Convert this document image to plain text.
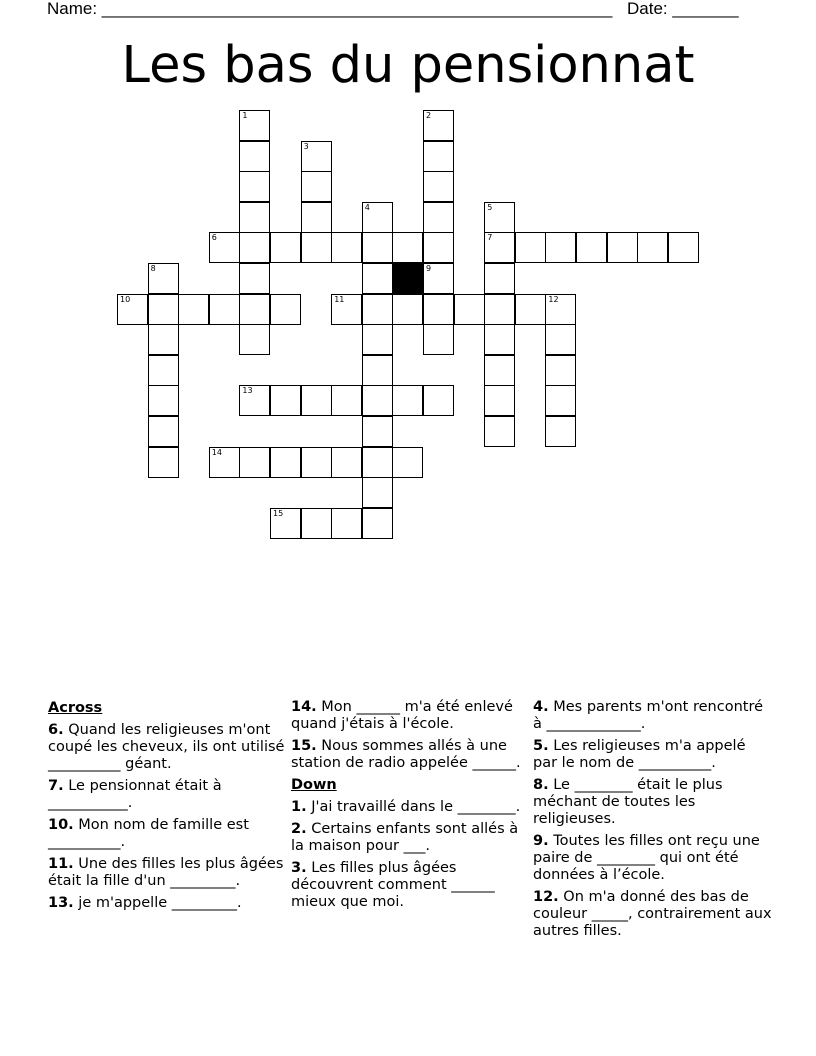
Name: ______________________________________________________ Date: _______
Les bas du pensionnat
1	2
3
4	5
6	7
8	9
10	11	12
13
14
15
Across
6. Quand les religieuses m'ont coupé les cheveux, ils ont utilisé __________ géant.
7. Le pensionnat était à ___________.
10. Mon nom de famille est __________.
11. Une des filles les plus âgées était la fille d'un _________.
13. je m'appelle _________.
14. Mon ______ m'a été enlevé quand j'étais à l'école.
15. Nous sommes allés à une station de radio appelée ______.
Down
1. J'ai travaillé dans le ________.
2. Certains enfants sont allés à la maison pour ___.
3. Les filles plus âgées découvrent comment ______ mieux que moi.
4. Mes parents m'ont rencontré à _____________.
5. Les religieuses m'a appelé par le nom de __________.
8. Le ________ était le plus méchant de toutes les religieuses.
9. Toutes les filles ont reçu une paire de ________ qui ont été données à l’école.
12. On m'a donné des bas de couleur _____, contrairement aux autres filles.
